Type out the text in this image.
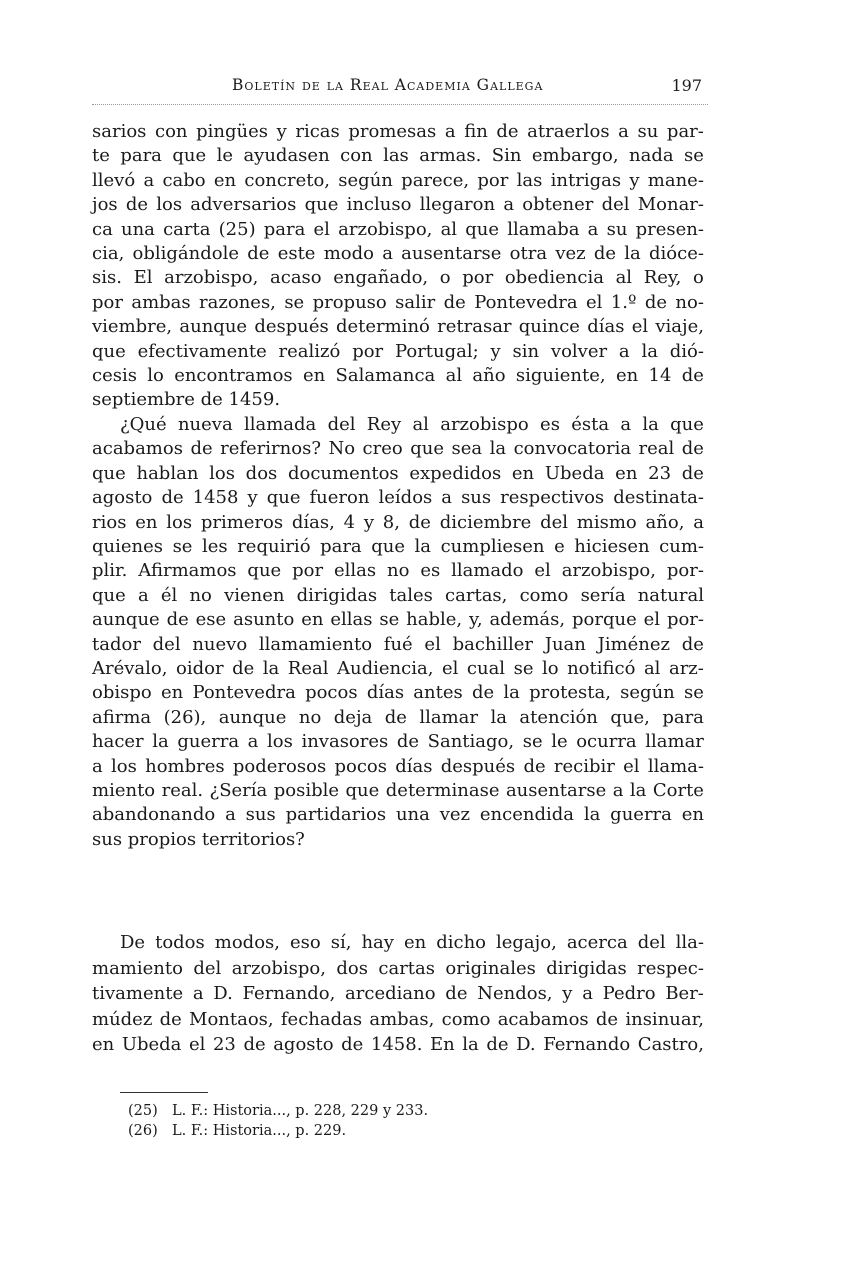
Boletín de la Real Academia Gallega	197
sarios con pingües y ricas promesas a fin de atraerlos a su par-
te para que le ayudasen con las armas. Sin embargo, nada se
llevó a cabo en concreto, según parece, por las intrigas y mane-
jos de los adversarios que incluso llegaron a obtener del Monar-
ca una carta (25) para el arzobispo, al que llamaba a su presen-
cia, obligándole de este modo a ausentarse otra vez de la dióce-
sis. El arzobispo, acaso engañado, o por obediencia al Rey, o
por ambas razones, se propuso salir de Pontevedra el 1.º de no-
viembre, aunque después determinó retrasar quince días el viaje,
que efectivamente realizó por Portugal; y sin volver a la dió-
cesis lo encontramos en Salamanca al año siguiente, en 14 de
septiembre de 1459.
¿Qué nueva llamada del Rey al arzobispo es ésta a la que
acabamos de referirnos? No creo que sea la convocatoria real de
que hablan los dos documentos expedidos en Ubeda en 23 de
agosto de 1458 y que fueron leídos a sus respectivos destinata-
rios en los primeros días, 4 y 8, de diciembre del mismo año, a
quienes se les requirió para que la cumpliesen e hiciesen cum-
plir. Afirmamos que por ellas no es llamado el arzobispo, por-
que a él no vienen dirigidas tales cartas, como sería natural
aunque de ese asunto en ellas se hable, y, además, porque el por-
tador del nuevo llamamiento fué el bachiller Juan Jiménez de
Arévalo, oidor de la Real Audiencia, el cual se lo notificó al arz-
obispo en Pontevedra pocos días antes de la protesta, según se
afirma (26), aunque no deja de llamar la atención que, para
hacer la guerra a los invasores de Santiago, se le ocurra llamar
a los hombres poderosos pocos días después de recibir el llama-
miento real. ¿Sería posible que determinase ausentarse a la Corte
abandonando a sus partidarios una vez encendida la guerra en
sus propios territorios?
De todos modos, eso sí, hay en dicho legajo, acerca del lla-
mamiento del arzobispo, dos cartas originales dirigidas respec-
tivamente a D. Fernando, arcediano de Nendos, y a Pedro Ber-
múdez de Montaos, fechadas ambas, como acabamos de insinuar,
en Ubeda el 23 de agosto de 1458. En la de D. Fernando Castro,
(25) L. F.: Historia..., p. 228, 229 y 233.
(26) L. F.: Historia..., p. 229.
